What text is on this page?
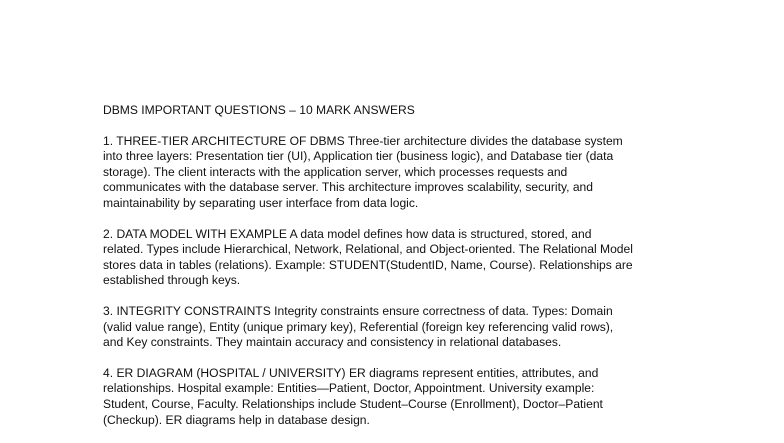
DBMS IMPORTANT QUESTIONS – 10 MARK ANSWERS

1. THREE-TIER ARCHITECTURE OF DBMS Three-tier architecture divides the database system
into three layers: Presentation tier (UI), Application tier (business logic), and Database tier (data
storage). The client interacts with the application server, which processes requests and
communicates with the database server. This architecture improves scalability, security, and
maintainability by separating user interface from data logic.

2. DATA MODEL WITH EXAMPLE A data model defines how data is structured, stored, and
related. Types include Hierarchical, Network, Relational, and Object-oriented. The Relational Model
stores data in tables (relations). Example: STUDENT(StudentID, Name, Course). Relationships are
established through keys.

3. INTEGRITY CONSTRAINTS Integrity constraints ensure correctness of data. Types: Domain
(valid value range), Entity (unique primary key), Referential (foreign key referencing valid rows),
and Key constraints. They maintain accuracy and consistency in relational databases.

4. ER DIAGRAM (HOSPITAL / UNIVERSITY) ER diagrams represent entities, attributes, and
relationships. Hospital example: Entities—Patient, Doctor, Appointment. University example:
Student, Course, Faculty. Relationships include Student–Course (Enrollment), Doctor–Patient
(Checkup). ER diagrams help in database design.
